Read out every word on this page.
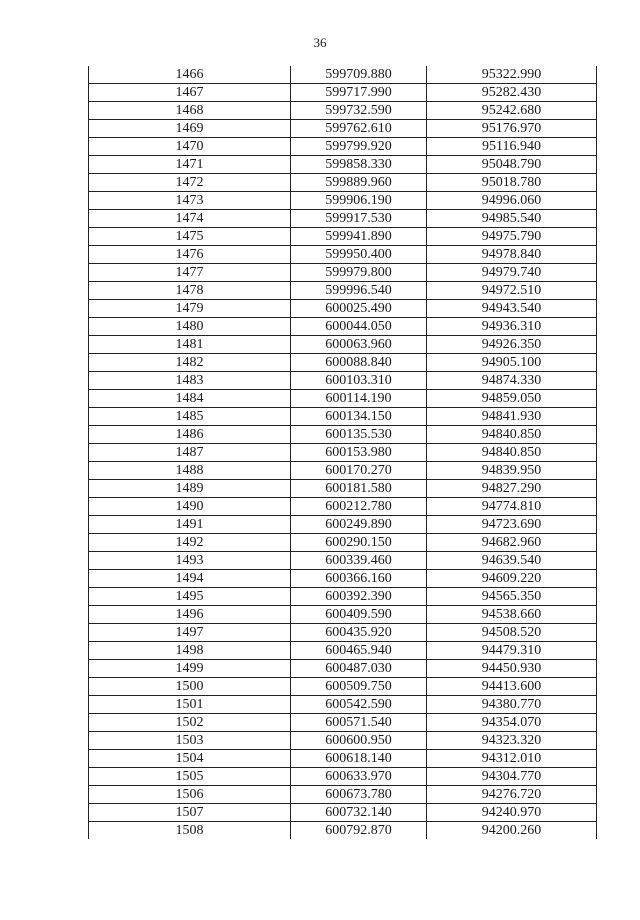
36
1466	599709.880	95322.990
1467	599717.990	95282.430
1468	599732.590	95242.680
1469	599762.610	95176.970
1470	599799.920	95116.940
1471	599858.330	95048.790
1472	599889.960	95018.780
1473	599906.190	94996.060
1474	599917.530	94985.540
1475	599941.890	94975.790
1476	599950.400	94978.840
1477	599979.800	94979.740
1478	599996.540	94972.510
1479	600025.490	94943.540
1480	600044.050	94936.310
1481	600063.960	94926.350
1482	600088.840	94905.100
1483	600103.310	94874.330
1484	600114.190	94859.050
1485	600134.150	94841.930
1486	600135.530	94840.850
1487	600153.980	94840.850
1488	600170.270	94839.950
1489	600181.580	94827.290
1490	600212.780	94774.810
1491	600249.890	94723.690
1492	600290.150	94682.960
1493	600339.460	94639.540
1494	600366.160	94609.220
1495	600392.390	94565.350
1496	600409.590	94538.660
1497	600435.920	94508.520
1498	600465.940	94479.310
1499	600487.030	94450.930
1500	600509.750	94413.600
1501	600542.590	94380.770
1502	600571.540	94354.070
1503	600600.950	94323.320
1504	600618.140	94312.010
1505	600633.970	94304.770
1506	600673.780	94276.720
1507	600732.140	94240.970
1508	600792.870	94200.260
